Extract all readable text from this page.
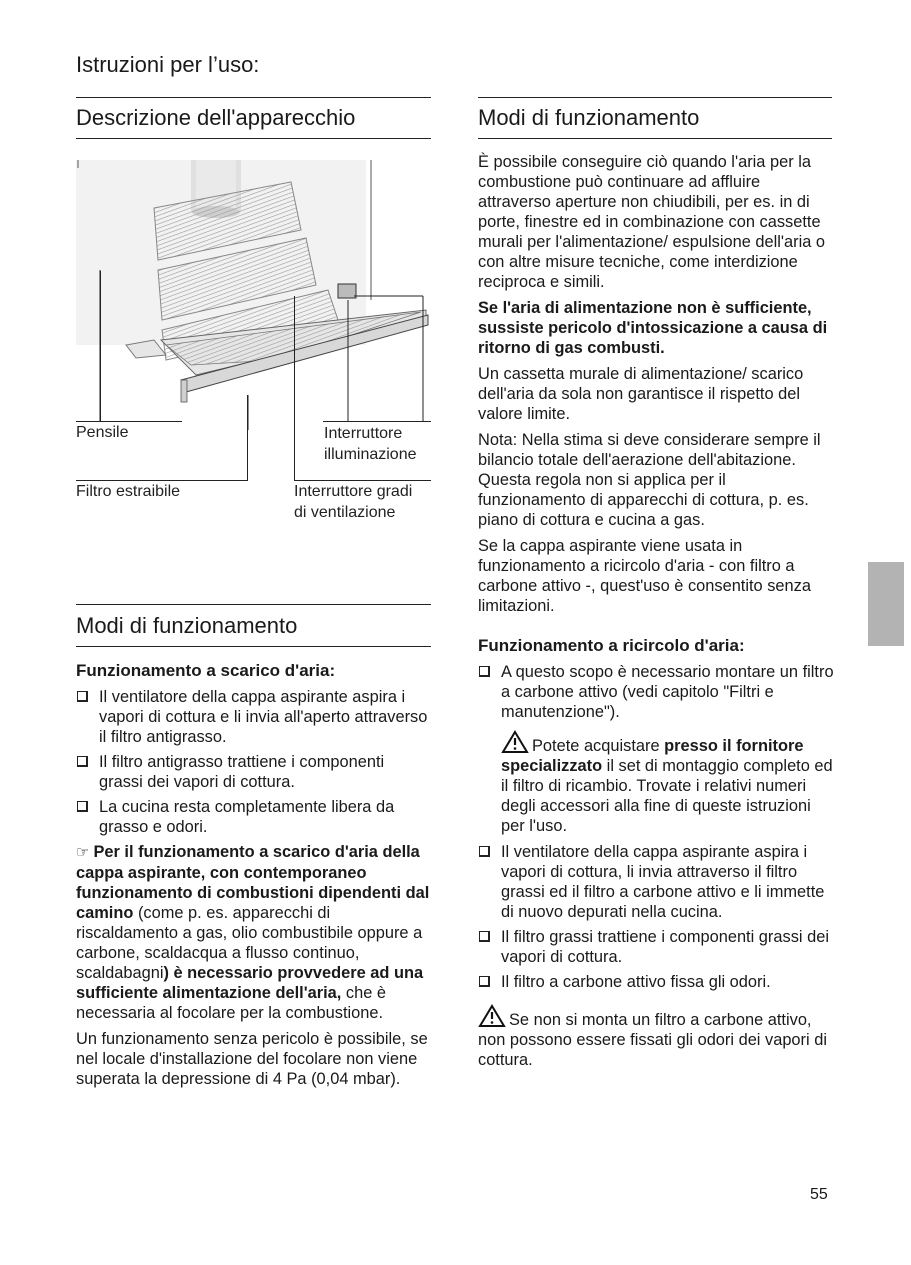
Istruzioni per l’uso:
Descrizione dell'apparecchio
Pensile	Interruttore
illuminazione
Filtro estraibile	Interruttore gradi
di ventilazione
Modi di funzionamento
Funzionamento a scarico d'aria:
Il ventilatore della cappa aspirante aspira i vapori di cottura e li invia all'aperto attraverso il filtro antigrasso.
Il filtro antigrasso trattiene i componenti grassi dei vapori di cottura.
La cucina resta completamente libera da grasso e odori.

☞ Per il funzionamento a scarico d'aria della cappa aspirante, con contemporaneo funzionamento di combustioni dipendenti dal camino (come p. es. apparecchi di riscaldamento a gas, olio combustibile oppure a carbone, scaldacqua a flusso continuo, scaldabagni) è necessario provvedere ad una sufficiente alimentazione dell'aria, che è necessaria al focolare per la combustione.

Un funzionamento senza pericolo è possibile, se nel locale d'installazione del focolare non viene superata la depressione di 4 Pa (0,04 mbar).

Modi di funzionamento

È possibile conseguire ciò quando l'aria per la combustione può continuare ad affluire attraverso aperture non chiudibili, per es. in di porte, finestre ed in combinazione con cassette murali per l'alimentazione/ espulsione dell'aria o con altre misure tecniche, come interdizione reciproca e simili.

Se l'aria di alimentazione non è sufficiente, sussiste pericolo d'intossicazione a causa di ritorno di gas combusti.

Un cassetta murale di alimentazione/ scarico dell'aria da sola non garantisce il rispetto del valore limite.

Nota: Nella stima si deve considerare sempre il bilancio totale dell'aerazione dell'abitazione. Questa regola non si applica per il funzionamento di apparecchi di cottura, p. es. piano di cottura e cucina a gas.

Se la cappa aspirante viene usata in funzionamento a ricircolo d'aria - con filtro a carbone attivo -, quest'uso è consentito senza limitazioni.

Funzionamento a ricircolo d'aria:
A questo scopo è necessario montare un filtro a carbone attivo (vedi capitolo "Filtri e manutenzione").
Potete acquistare presso il fornitore specializzato il set di montaggio completo ed il filtro di ricambio. Trovate i relativi numeri degli accessori alla fine di queste istruzioni per l'uso.
Il ventilatore della cappa aspirante aspira i vapori di cottura, li invia attraverso il filtro grassi ed il filtro a carbone attivo e li immette di nuovo depurati nella cucina.
Il filtro grassi trattiene i componenti grassi dei vapori di cottura.
Il filtro a carbone attivo fissa gli odori.

Se non si monta un filtro a carbone attivo, non possono essere fissati gli odori dei vapori di cottura.

55
